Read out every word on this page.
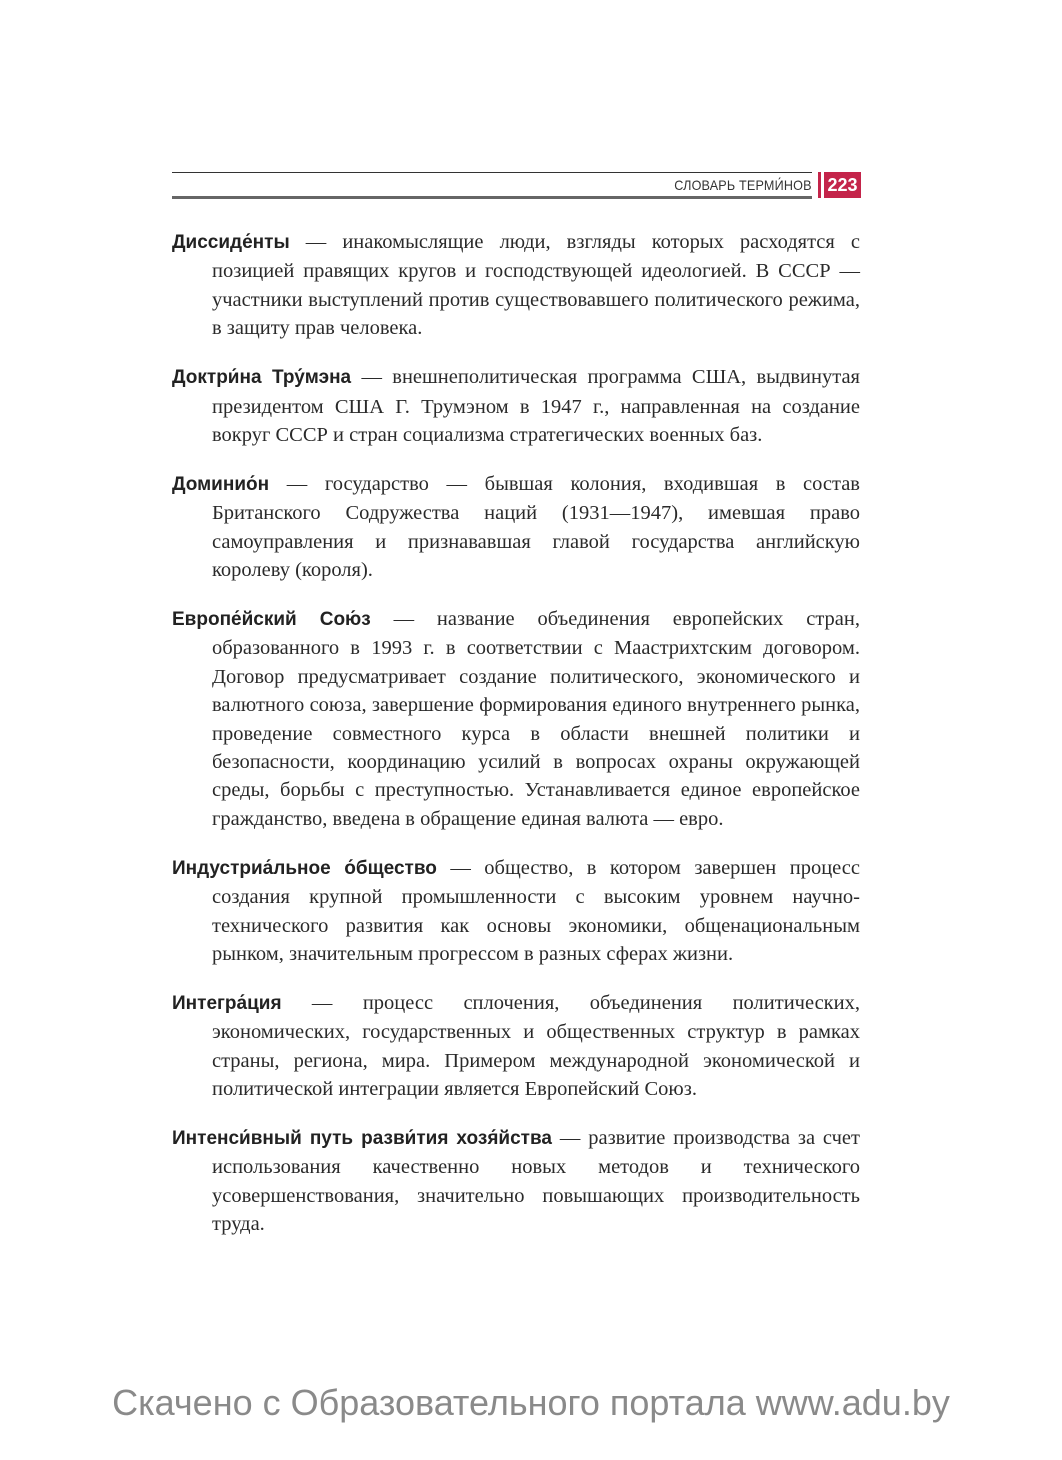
СЛОВАРЬ ТЕРМИ́НОВ 223

Диссиде́нты — инакомыслящие люди, взгляды которых расходятся с позицией правящих кругов и господствующей идеологией. В СССР — участники выступлений против существовавшего политического режима, в защиту прав человека.

Доктри́на Тру́мэна — внешнеполитическая программа США, выдвинутая президентом США Г. Трумэном в 1947 г., направленная на создание вокруг СССР и стран социализма стратегических военных баз.

Доминио́н — государство — бывшая колония, входившая в состав Британского Содружества наций (1931—1947), имевшая право самоуправления и признававшая главой государства английскую королеву (короля).

Европе́йский Сою́з — название объединения европейских стран, образованного в 1993 г. в соответствии с Маастрихтским договором. Договор предусматривает создание политического, экономического и валютного союза, завершение формирования единого внутреннего рынка, проведение совместного курса в области внешней политики и безопасности, координацию усилий в вопросах охраны окружающей среды, борьбы с преступностью. Устанавливается единое европейское гражданство, введена в обращение единая валюта — евро.

Индустриа́льное о́бщество — общество, в котором завершен процесс создания крупной промышленности с высоким уровнем научно-технического развития как основы экономики, общенациональным рынком, значительным прогрессом в разных сферах жизни.

Интегра́ция — процесс сплочения, объединения политических, экономических, государственных и общественных структур в рамках страны, региона, мира. Примером международной экономической и политической интеграции является Европейский Союз.

Интенси́вный путь разви́тия хозя́йства — развитие производства за счет использования качественно новых методов и технического усовершенствования, значительно повышающих производительность труда.

Скачено с Образовательного портала www.adu.by
